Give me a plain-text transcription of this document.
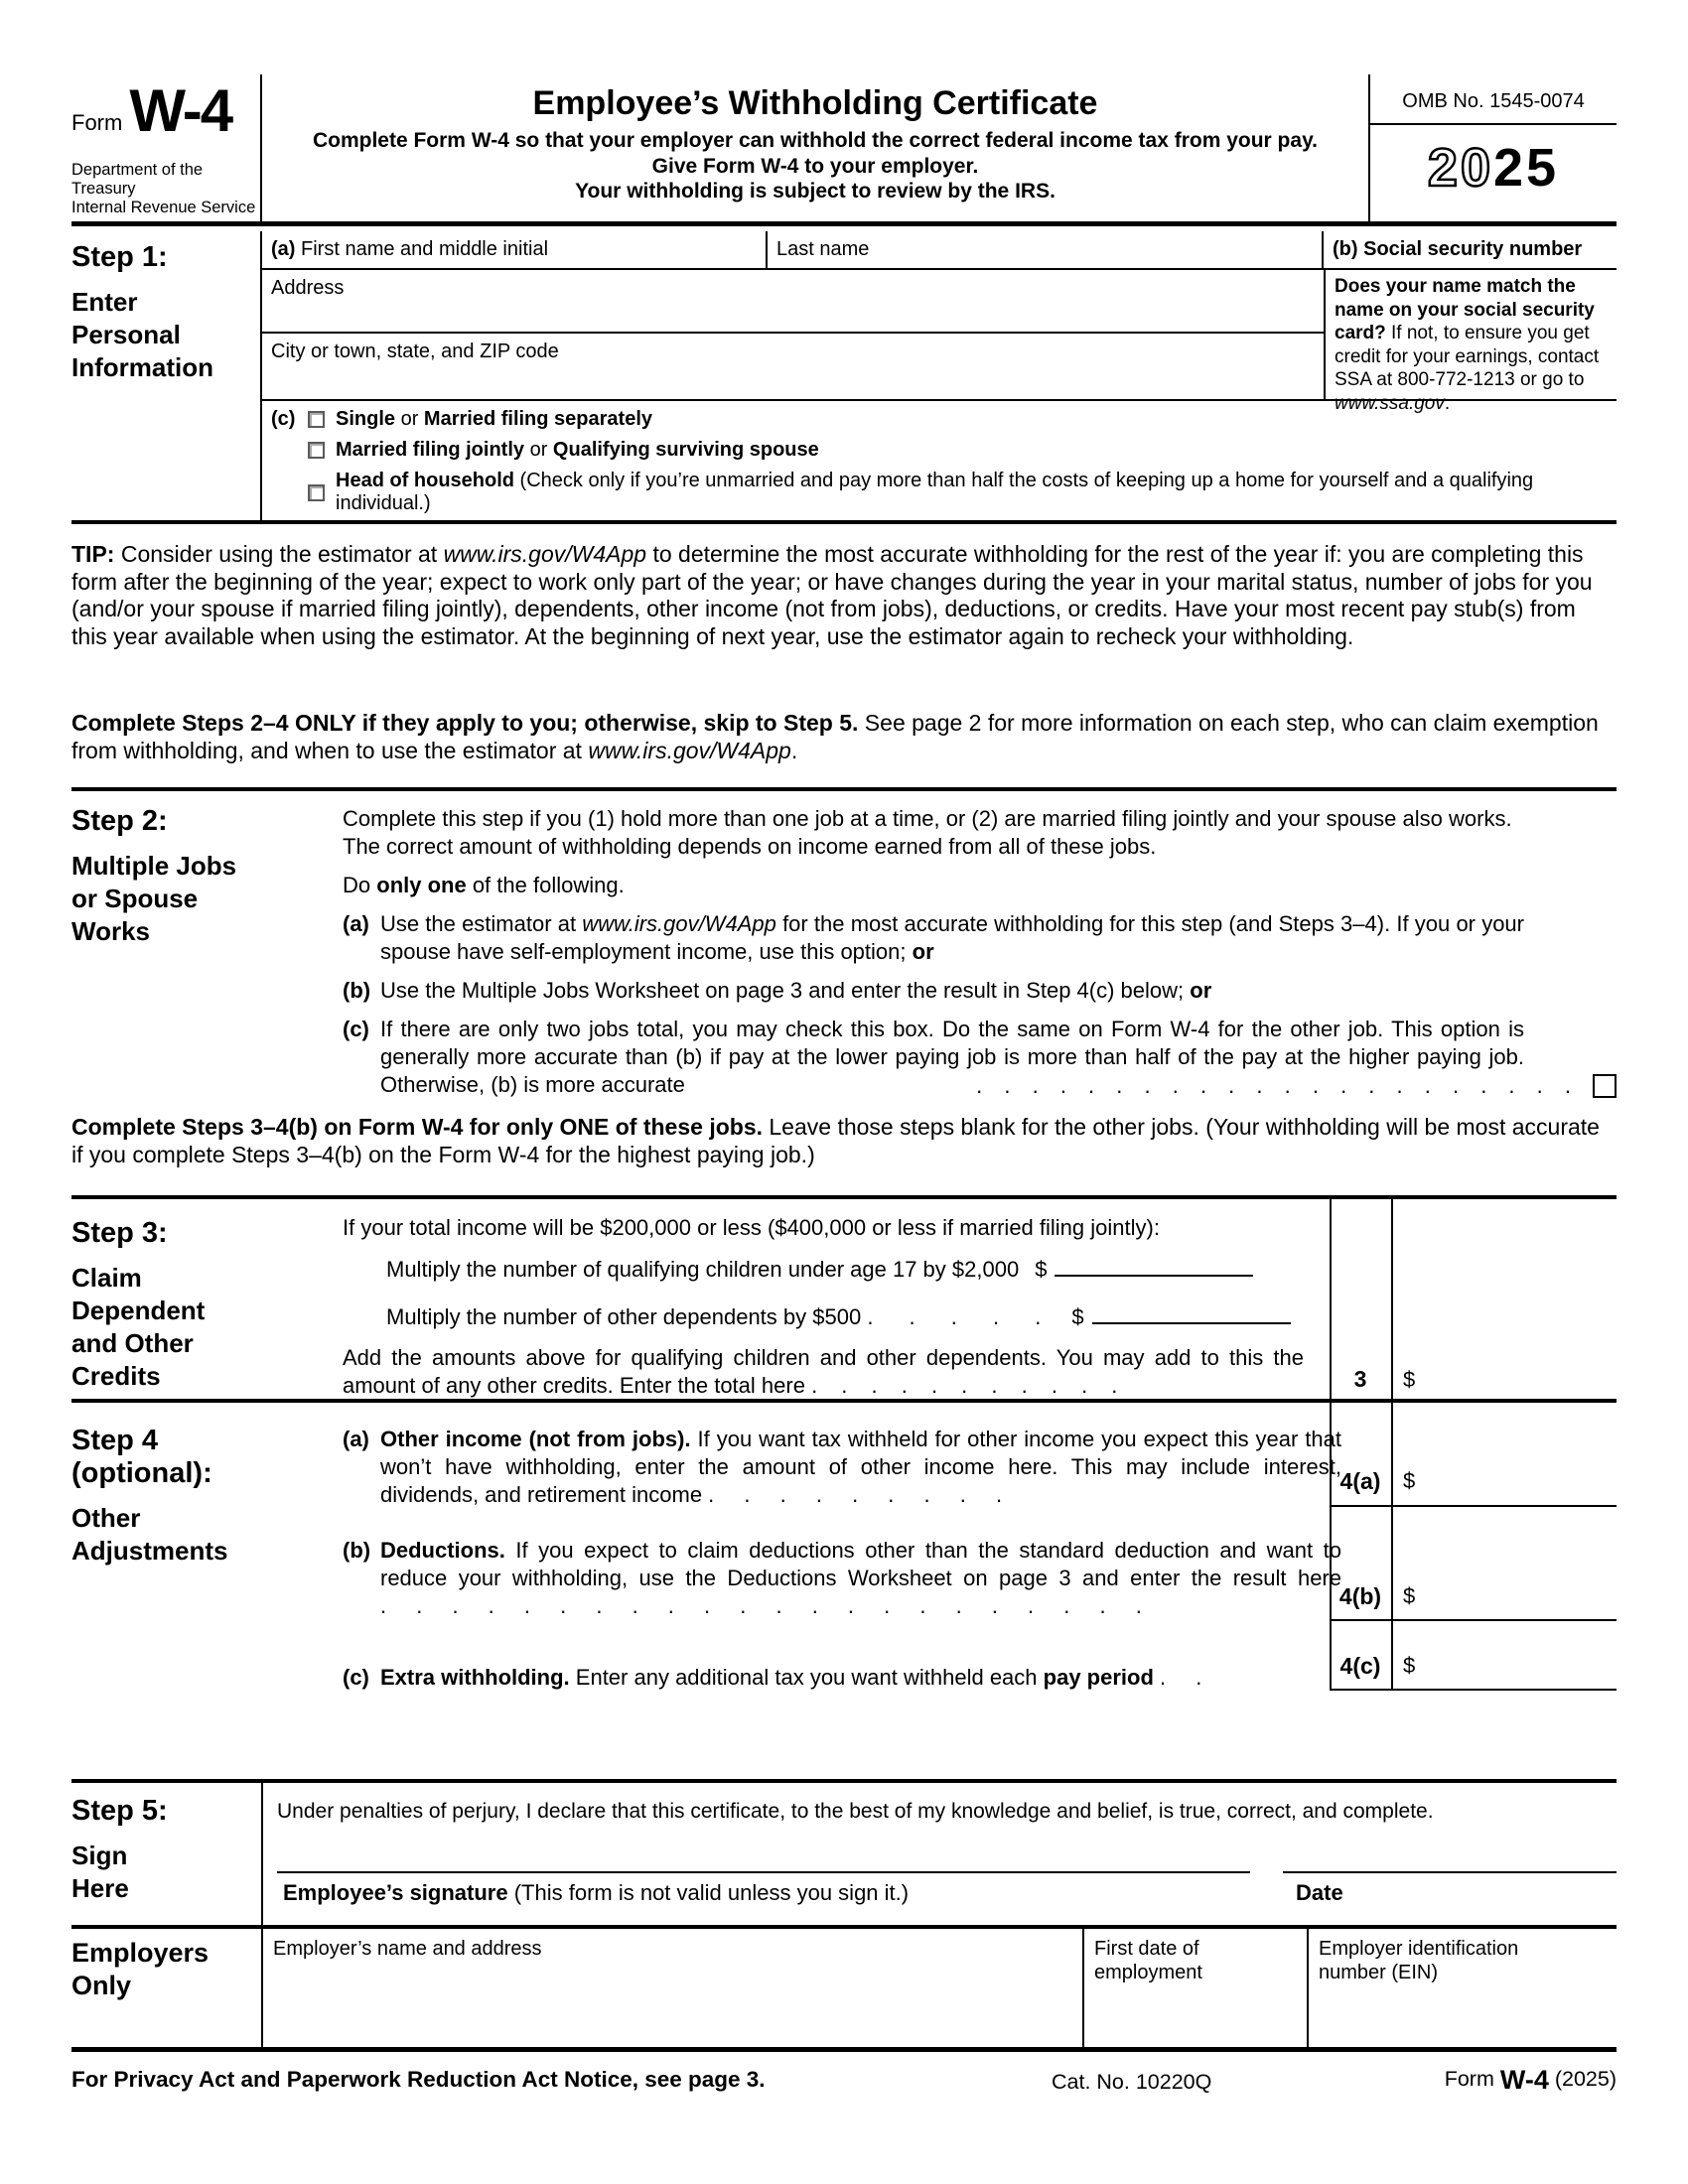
Form W-4
Department of the Treasury
Internal Revenue Service
Employee’s Withholding Certificate
Complete Form W-4 so that your employer can withhold the correct federal income tax from your pay.
Give Form W-4 to your employer.
Your withholding is subject to review by the IRS.
OMB No. 1545-0074
2025
Step 1:
Enter
Personal
Information
(a) First name and middle initial	Last name	(b) Social security number
Address
City or town, state, and ZIP code
Does your name match the name on your social security card? If not, to ensure you get credit for your earnings, contact SSA at 800-772-1213 or go to www.ssa.gov.
(c)	Single or Married filing separately
Married filing jointly or Qualifying surviving spouse
Head of household (Check only if you’re unmarried and pay more than half the costs of keeping up a home for yourself and a qualifying individual.)
TIP: Consider using the estimator at www.irs.gov/W4App to determine the most accurate withholding for the rest of the year if: you are completing this form after the beginning of the year; expect to work only part of the year; or have changes during the year in your marital status, number of jobs for you (and/or your spouse if married filing jointly), dependents, other income (not from jobs), deductions, or credits. Have your most recent pay stub(s) from this year available when using the estimator. At the beginning of next year, use the estimator again to recheck your withholding.
Complete Steps 2–4 ONLY if they apply to you; otherwise, skip to Step 5. See page 2 for more information on each step, who can claim exemption from withholding, and when to use the estimator at www.irs.gov/W4App.
Step 2:
Multiple Jobs
or Spouse
Works
Complete this step if you (1) hold more than one job at a time, or (2) are married filing jointly and your spouse also works. The correct amount of withholding depends on income earned from all of these jobs.
Do only one of the following.
(a) Use the estimator at www.irs.gov/W4App for the most accurate withholding for this step (and Steps 3–4). If you or your spouse have self-employment income, use this option; or
(b) Use the Multiple Jobs Worksheet on page 3 and enter the result in Step 4(c) below; or
(c) If there are only two jobs total, you may check this box. Do the same on Form W-4 for the other job. This option is generally more accurate than (b) if pay at the lower paying job is more than half of the pay at the higher paying job. Otherwise, (b) is more accurate	. . . . . . . . . . . . . . . . . . . . . .
Complete Steps 3–4(b) on Form W-4 for only ONE of these jobs. Leave those steps blank for the other jobs. (Your withholding will be most accurate if you complete Steps 3–4(b) on the Form W-4 for the highest paying job.)
Step 3:
Claim
Dependent
and Other
Credits
If your total income will be $200,000 or less ($400,000 or less if married filing jointly):
Multiply the number of qualifying children under age 17 by $2,000 $
Multiply the number of other dependents by $500 . . . . . $
Add the amounts above for qualifying children and other dependents. You may add to this the amount of any other credits. Enter the total here . . . . . . . . . . .	3	$
Step 4
(optional):
Other
Adjustments
(a) Other income (not from jobs). If you want tax withheld for other income you expect this year that won’t have withholding, enter the amount of other income here. This may include interest, dividends, and retirement income . . . . . . . . .
(b) Deductions. If you expect to claim deductions other than the standard deduction and want to reduce your withholding, use the Deductions Worksheet on page 3 and enter the result here . . . . . . . . . . . . . . . . . . . . . .
(c) Extra withholding. Enter any additional tax you want withheld each pay period . .
4(a)	$
4(b) $
4(c)	$
Step 5:
Sign
Here
Under penalties of perjury, I declare that this certificate, to the best of my knowledge and belief, is true, correct, and complete.
Employee’s signature (This form is not valid unless you sign it.)	Date
Employers
Only
Employer’s name and address	First date of employment
Employer identification number (EIN)
For Privacy Act and Paperwork Reduction Act Notice, see page 3.	Cat. No. 10220Q	Form W-4 (2025)
